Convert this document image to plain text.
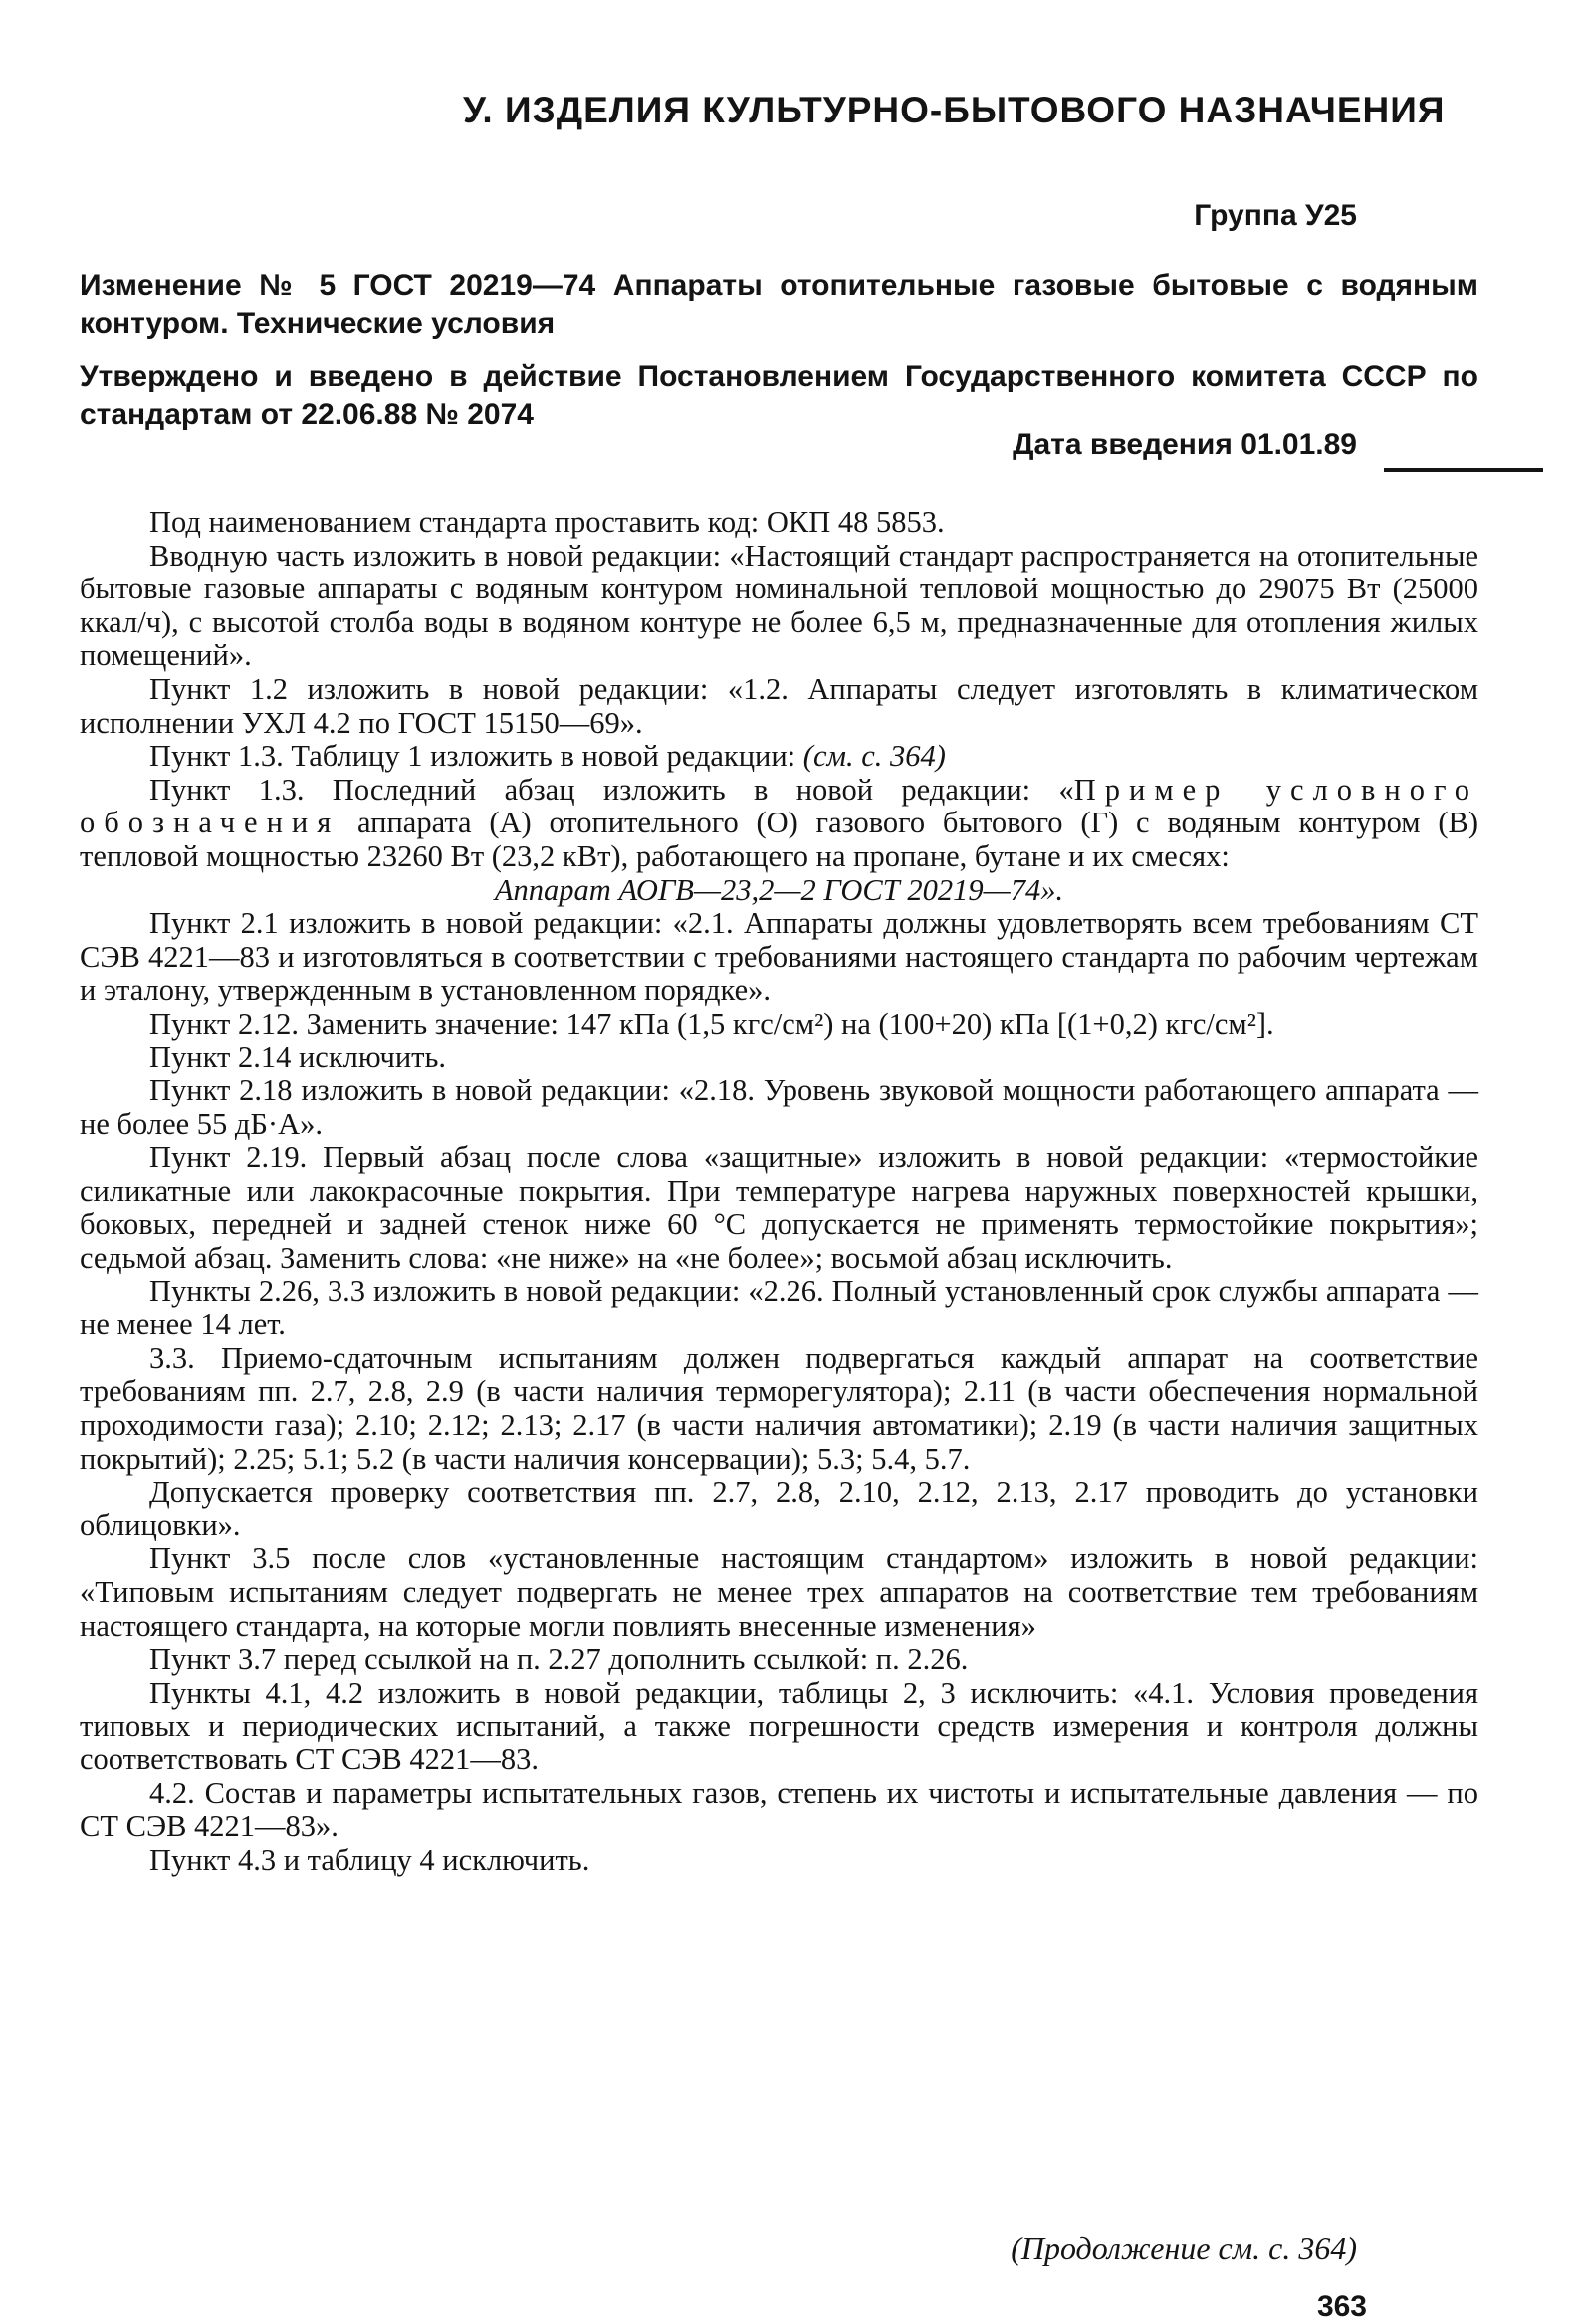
У. ИЗДЕЛИЯ КУЛЬТУРНО-БЫТОВОГО НАЗНАЧЕНИЯ
Группа У25
Изменение № 5 ГОСТ 20219—74 Аппараты отопительные газовые бытовые с водяным контуром. Технические условия
Утверждено и введено в действие Постановлением Государственного комитета СССР по стандартам от 22.06.88 № 2074
Дата введения 01.01.89

Под наименованием стандарта проставить код: ОКП 48 5853.

Вводную часть изложить в новой редакции: «Настоящий стандарт распространяется на отопительные бытовые газовые аппараты с водяным контуром номинальной тепловой мощностью до 29075 Вт (25000 ккал/ч), с высотой столба воды в водяном контуре не более 6,5 м, предназначенные для отопления жилых помещений».

Пункт 1.2 изложить в новой редакции: «1.2. Аппараты следует изготовлять в климатическом исполнении УХЛ 4.2 по ГОСТ 15150—69».

Пункт 1.3. Таблицу 1 изложить в новой редакции: (см. с. 364)

Пункт 1.3. Последний абзац изложить в новой редакции: «Пример условного обозначения аппарата (А) отопительного (О) газового бытового (Г) с водяным контуром (В) тепловой мощностью 23260 Вт (23,2 кВт), работающего на пропане, бутане и их смесях:

Аппарат АОГВ—23,2—2 ГОСТ 20219—74».

Пункт 2.1 изложить в новой редакции: «2.1. Аппараты должны удовлетворять всем требованиям СТ СЭВ 4221—83 и изготовляться в соответствии с требованиями настоящего стандарта по рабочим чертежам и эталону, утвержденным в установленном порядке».

Пункт 2.12. Заменить значение: 147 кПа (1,5 кгс/см²) на (100+20) кПа [(1+0,2) кгс/см²].

Пункт 2.14 исключить.

Пункт 2.18 изложить в новой редакции: «2.18. Уровень звуковой мощности работающего аппарата — не более 55 дБ·А».

Пункт 2.19. Первый абзац после слова «защитные» изложить в новой редакции: «термостойкие силикатные или лакокрасочные покрытия. При температуре нагрева наружных поверхностей крышки, боковых, передней и задней стенок ниже 60 °С допускается не применять термостойкие покрытия»; седьмой абзац. Заменить слова: «не ниже» на «не более»; восьмой абзац исключить.

Пункты 2.26, 3.3 изложить в новой редакции: «2.26. Полный установленный срок службы аппарата — не менее 14 лет.

3.3. Приемо-сдаточным испытаниям должен подвергаться каждый аппарат на соответствие требованиям пп. 2.7, 2.8, 2.9 (в части наличия терморегулятора); 2.11 (в части обеспечения нормальной проходимости газа); 2.10; 2.12; 2.13; 2.17 (в части наличия автоматики); 2.19 (в части наличия защитных покрытий); 2.25; 5.1; 5.2 (в части наличия консервации); 5.3; 5.4, 5.7.

Допускается проверку соответствия пп. 2.7, 2.8, 2.10, 2.12, 2.13, 2.17 проводить до установки облицовки».

Пункт 3.5 после слов «установленные настоящим стандартом» изложить в новой редакции: «Типовым испытаниям следует подвергать не менее трех аппаратов на соответствие тем требованиям настоящего стандарта, на которые могли повлиять внесенные изменения»

Пункт 3.7 перед ссылкой на п. 2.27 дополнить ссылкой: п. 2.26.

Пункты 4.1, 4.2 изложить в новой редакции, таблицы 2, 3 исключить: «4.1. Условия проведения типовых и периодических испытаний, а также погрешности средств измерения и контроля должны соответствовать СТ СЭВ 4221—83.

4.2. Состав и параметры испытательных газов, степень их чистоты и испытательные давления — по СТ СЭВ 4221—83».

Пункт 4.3 и таблицу 4 исключить.

(Продолжение см. с. 364)
363
